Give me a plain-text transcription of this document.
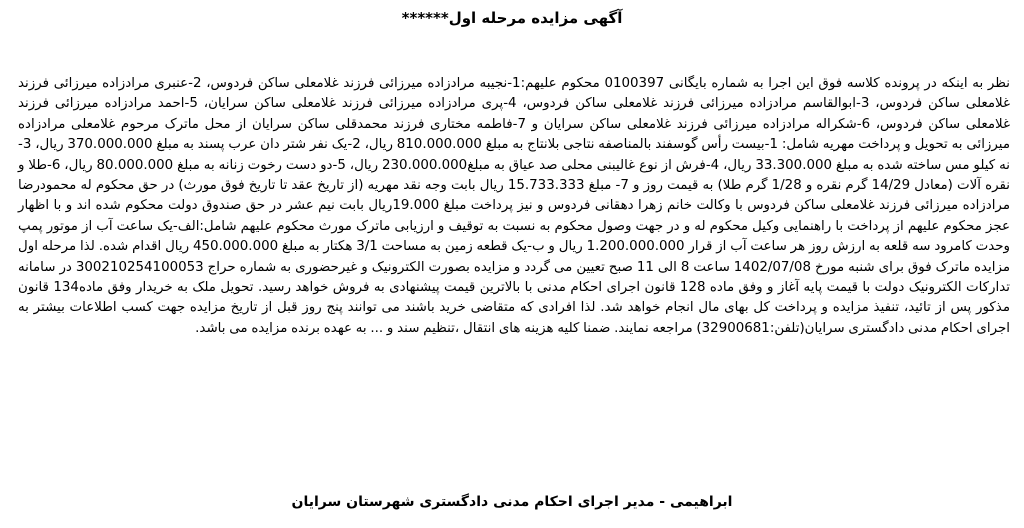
آگهی مزایده مرحله اول******
نظر به اینکه در پرونده کلاسه فوق این اجرا به شماره بایگانی 0100397 محکوم علیهم:1-نجیبه مرادزاده میرزائی فرزند غلامعلی ساکن فردوس، 2-عنبری مرادزاده میرزائی فرزند غلامعلی ساکن فردوس، 3-ابوالقاسم مرادزاده میرزائی فرزند غلامعلی ساکن فردوس، 4-پری مرادزاده میرزائی فرزند غلامعلی ساکن سرایان، 5-احمد مرادزاده میرزائی فرزند غلامعلی ساکن فردوس، 6-شکراله مرادزاده میرزائی فرزند غلامعلی ساکن سرایان و 7-فاطمه مختاری فرزند محمدقلی ساکن سرایان از محل ماترک مرحوم غلامعلی مرادزاده میرزائی به تحویل و پرداخت مهریه شامل: 1-بیست رأس گوسفند بالمناصفه نتاجی بلانتاج به مبلغ 810.000.000 ریال، 2-یک نفر شتر دان عرب پسند به مبلغ 370.000.000 ریال، 3-نه کیلو مس ساخته شده به مبلغ 33.300.000 ریال، 4-فرش از نوع غالیبنی محلی صد عیاق به مبلغ230.000.000 ریال، 5-دو دست رخوت زنانه به مبلغ 80.000.000 ریال، 6-طلا و نقره آلات (معادل 14/29 گرم نقره و 1/28 گرم طلا) به قیمت روز و 7- مبلغ 15.733.333 ریال بابت وجه نقد مهریه (از تاریخ عقد تا تاریخ فوق مورث) در حق محکوم له محمودرضا مرادزاده میرزائی فرزند غلامعلی ساکن فردوس با وکالت خانم زهرا دهقانی فردوس و نیز پرداخت مبلغ 19.000ریال بابت نیم عشر در حق صندوق دولت محکوم شده اند و با اظهار عجز محکوم علیهم از پرداخت با راهنمایی وکیل محکوم له و در جهت وصول محکوم به نسبت به توقیف و ارزیابی ماترک مورث محکوم علیهم شامل:الف-یک ساعت آب از موتور پمپ وحدت کامرود سه قلعه به ارزش روز هر ساعت آب از قرار 1.200.000.000 ریال و ب-یک قطعه زمین به مساحت 3/1 هکتار به مبلغ 450.000.000 ریال اقدام شده. لذا مرحله اول مزایده ماترک فوق برای شنبه مورخ 1402/07/08 ساعت 8 الی 11 صبح تعیین می گردد و مزایده بصورت الکترونیک و غیرحضوری به شماره حراج 300210254100053 در سامانه تدارکات الکترونیک دولت با قیمت پایه آغاز و وفق ماده 128 قانون اجرای احکام مدنی با بالاترین قیمت پیشنهادی به فروش خواهد رسید. تحویل ملک به خریدار وفق ماده134 قانون مذکور پس از تائید، تنفیذ مزایده و پرداخت کل بهای مال انجام خواهد شد. لذا افرادی که متقاضی خرید باشند می توانند پنج روز قبل از تاریخ مزایده جهت کسب اطلاعات بیشتر به اجرای احکام مدنی دادگستری سرایان(تلفن:32900681) مراجعه نمایند. ضمنا کلیه هزینه های انتقال ،تنظیم سند و ... به عهده برنده مزایده می باشد.
ابراهیمی - مدیر اجرای احکام مدنی دادگستری شهرستان سرایان
